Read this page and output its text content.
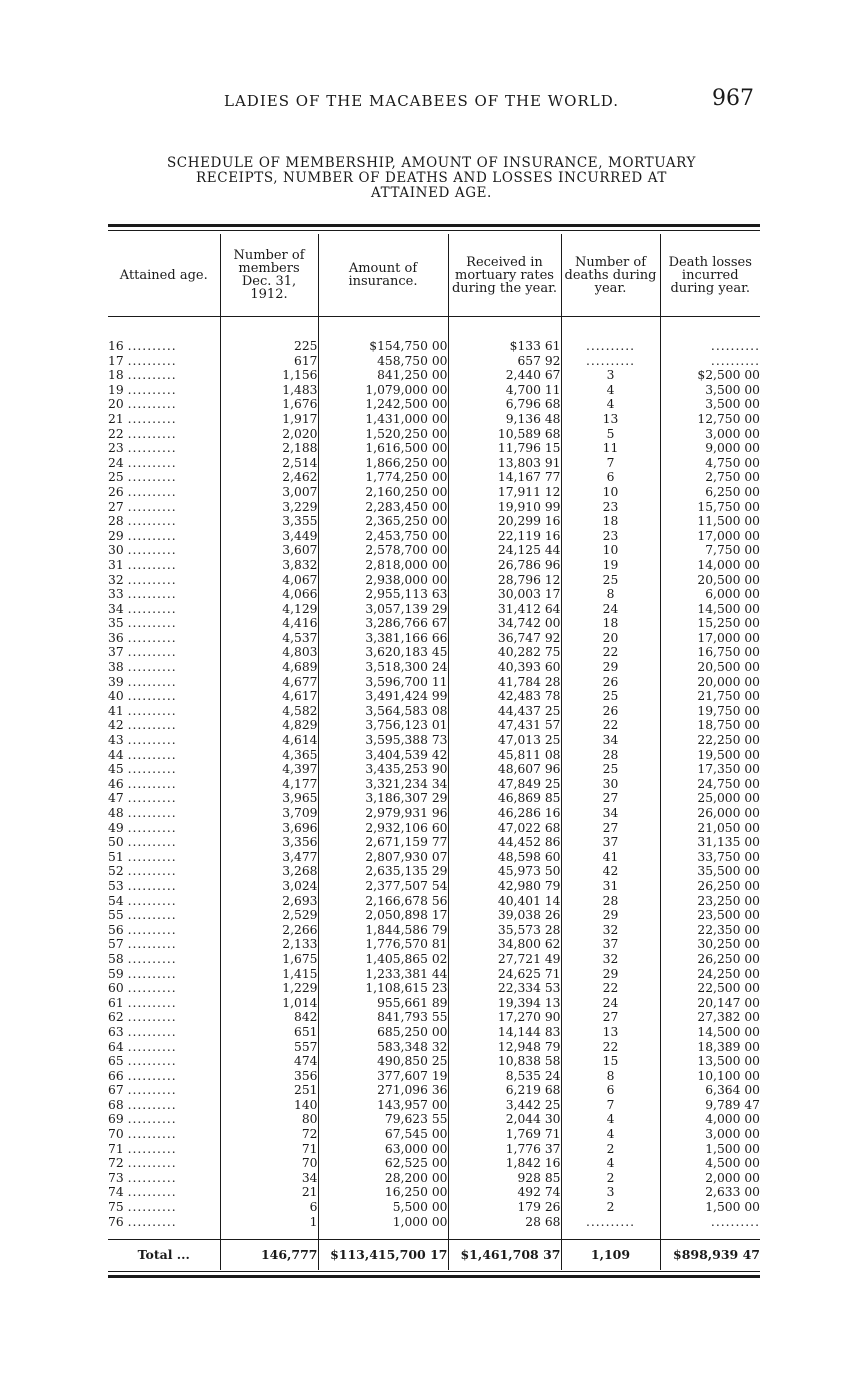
LADIES OF THE MACABEES OF THE WORLD.	967
SCHEDULE OF MEMBERSHIP, AMOUNT OF INSURANCE, MORTUARY
RECEIPTS, NUMBER OF DEATHS AND LOSSES INCURRED AT
ATTAINED AGE.
Attained age.	Number of members Dec. 31, 1912.	Amount of insurance.	Received in mortuary rates during the year.	Number of deaths during year.	Death losses incurred during year.

16 ..........	225	$154,750 00	$133 61	..........	..........
17 ..........	617	458,750 00	657 92	..........	..........
18 ..........	1,156	841,250 00	2,440 67	3	$2,500 00
19 ..........	1,483	1,079,000 00	4,700 11	4	3,500 00
20 ..........	1,676	1,242,500 00	6,796 68	4	3,500 00
21 ..........	1,917	1,431,000 00	9,136 48	13	12,750 00
22 ..........	2,020	1,520,250 00	10,589 68	5	3,000 00
23 ..........	2,188	1,616,500 00	11,796 15	11	9,000 00
24 ..........	2,514	1,866,250 00	13,803 91	7	4,750 00
25 ..........	2,462	1,774,250 00	14,167 77	6	2,750 00
26 ..........	3,007	2,160,250 00	17,911 12	10	6,250 00
27 ..........	3,229	2,283,450 00	19,910 99	23	15,750 00
28 ..........	3,355	2,365,250 00	20,299 16	18	11,500 00
29 ..........	3,449	2,453,750 00	22,119 16	23	17,000 00
30 ..........	3,607	2,578,700 00	24,125 44	10	7,750 00
31 ..........	3,832	2,818,000 00	26,786 96	19	14,000 00
32 ..........	4,067	2,938,000 00	28,796 12	25	20,500 00
33 ..........	4,066	2,955,113 63	30,003 17	8	6,000 00
34 ..........	4,129	3,057,139 29	31,412 64	24	14,500 00
35 ..........	4,416	3,286,766 67	34,742 00	18	15,250 00
36 ..........	4,537	3,381,166 66	36,747 92	20	17,000 00
37 ..........	4,803	3,620,183 45	40,282 75	22	16,750 00
38 ..........	4,689	3,518,300 24	40,393 60	29	20,500 00
39 ..........	4,677	3,596,700 11	41,784 28	26	20,000 00
40 ..........	4,617	3,491,424 99	42,483 78	25	21,750 00
41 ..........	4,582	3,564,583 08	44,437 25	26	19,750 00
42 ..........	4,829	3,756,123 01	47,431 57	22	18,750 00
43 ..........	4,614	3,595,388 73	47,013 25	34	22,250 00
44 ..........	4,365	3,404,539 42	45,811 08	28	19,500 00
45 ..........	4,397	3,435,253 90	48,607 96	25	17,350 00
46 ..........	4,177	3,321,234 34	47,849 25	30	24,750 00
47 ..........	3,965	3,186,307 29	46,869 85	27	25,000 00
48 ..........	3,709	2,979,931 96	46,286 16	34	26,000 00
49 ..........	3,696	2,932,106 60	47,022 68	27	21,050 00
50 ..........	3,356	2,671,159 77	44,452 86	37	31,135 00
51 ..........	3,477	2,807,930 07	48,598 60	41	33,750 00
52 ..........	3,268	2,635,135 29	45,973 50	42	35,500 00
53 ..........	3,024	2,377,507 54	42,980 79	31	26,250 00
54 ..........	2,693	2,166,678 56	40,401 14	28	23,250 00
55 ..........	2,529	2,050,898 17	39,038 26	29	23,500 00
56 ..........	2,266	1,844,586 79	35,573 28	32	22,350 00
57 ..........	2,133	1,776,570 81	34,800 62	37	30,250 00
58 ..........	1,675	1,405,865 02	27,721 49	32	26,250 00
59 ..........	1,415	1,233,381 44	24,625 71	29	24,250 00
60 ..........	1,229	1,108,615 23	22,334 53	22	22,500 00
61 ..........	1,014	955,661 89	19,394 13	24	20,147 00
62 ..........	842	841,793 55	17,270 90	27	27,382 00
63 ..........	651	685,250 00	14,144 83	13	14,500 00
64 ..........	557	583,348 32	12,948 79	22	18,389 00
65 ..........	474	490,850 25	10,838 58	15	13,500 00
66 ..........	356	377,607 19	8,535 24	8	10,100 00
67 ..........	251	271,096 36	6,219 68	6	6,364 00
68 ..........	140	143,957 00	3,442 25	7	9,789 47
69 ..........	80	79,623 55	2,044 30	4	4,000 00
70 ..........	72	67,545 00	1,769 71	4	3,000 00
71 ..........	71	63,000 00	1,776 37	2	1,500 00
72 ..........	70	62,525 00	1,842 16	4	4,500 00
73 ..........	34	28,200 00	928 85	2	2,000 00
74 ..........	21	16,250 00	492 74	3	2,633 00
75 ..........	6	5,500 00	179 26	2	1,500 00
76 ..........	1	1,000 00	28 68	..........	..........

Total ...	146,777	$113,415,700 17	$1,461,708 37	1,109	$898,939 47
